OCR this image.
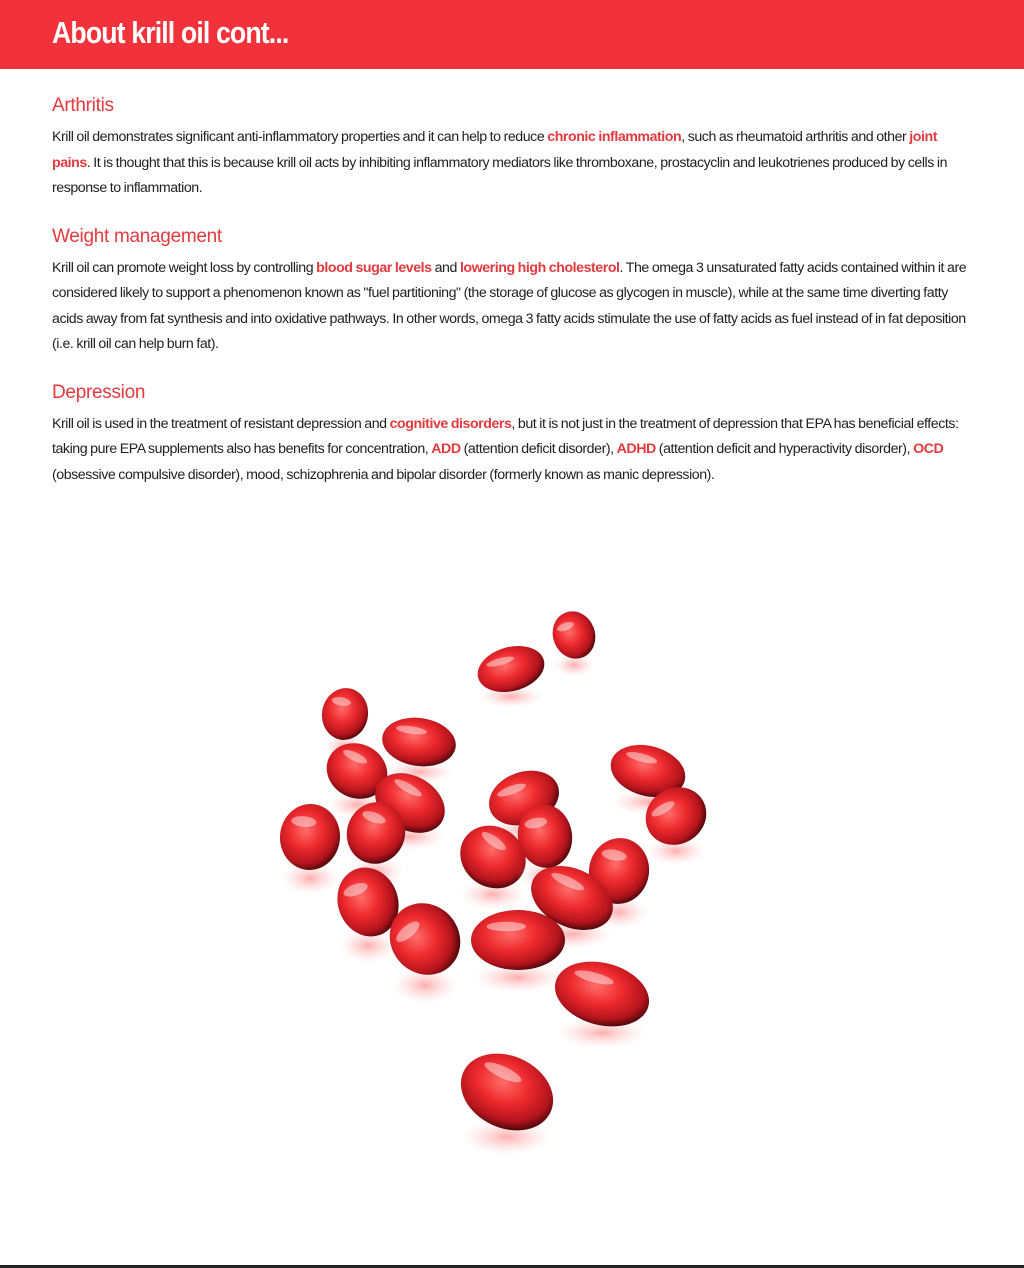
About krill oil cont...
Arthritis

Krill oil demonstrates significant anti-inflammatory properties and it can help to reduce chronic inflammation, such as rheumatoid arthritis and other joint pains. It is thought that this is because krill oil acts by inhibiting inflammatory mediators like thromboxane, prostacyclin and leukotrienes produced by cells in response to inflammation.

Weight management

Krill oil can promote weight loss by controlling blood sugar levels and lowering high cholesterol. The omega 3 unsaturated fatty acids contained within it are considered likely to support a phenomenon known as "fuel partitioning" (the storage of glucose as glycogen in muscle), while at the same time diverting fatty acids away from fat synthesis and into oxidative pathways. In other words, omega 3 fatty acids stimulate the use of fatty acids as fuel instead of in fat deposition (i.e. krill oil can help burn fat).

Depression

Krill oil is used in the treatment of resistant depression and cognitive disorders, but it is not just in the treatment of depression that EPA has beneficial effects: taking pure EPA supplements also has benefits for concentration, ADD (attention deficit disorder), ADHD (attention deficit and hyperactivity disorder), OCD (obsessive compulsive disorder), mood, schizophrenia and bipolar disorder (formerly known as manic depression).
